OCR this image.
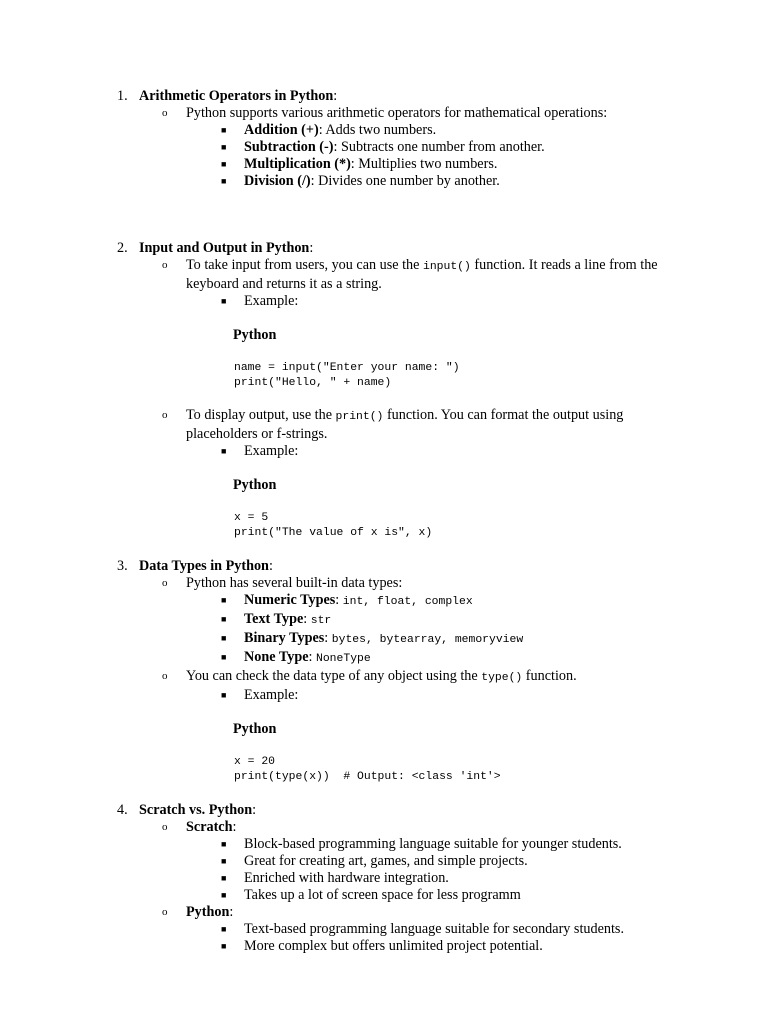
1. Arithmetic Operators in Python:
o Python supports various arithmetic operators for mathematical operations:
■ Addition (+): Adds two numbers.
■ Subtraction (-): Subtracts one number from another.
■ Multiplication (*): Multiplies two numbers.
■ Division (/): Divides one number by another.
2. Input and Output in Python:
o To take input from users, you can use the input() function. It reads a line from the keyboard and returns it as a string.
■ Example:
Python
name = input("Enter your name: ")
print("Hello, " + name)
o To display output, use the print() function. You can format the output using placeholders or f-strings.
■ Example:
Python
x = 5
print("The value of x is", x)
3. Data Types in Python:
o Python has several built-in data types:
■ Numeric Types: int, float, complex
■ Text Type: str
■ Binary Types: bytes, bytearray, memoryview
■ None Type: NoneType
o You can check the data type of any object using the type() function.
■ Example:
Python
x = 20
print(type(x))  # Output: <class 'int'>
4. Scratch vs. Python:
o Scratch:
■ Block-based programming language suitable for younger students.
■ Great for creating art, games, and simple projects.
■ Enriched with hardware integration.
■ Takes up a lot of screen space for less programm
o Python:
■ Text-based programming language suitable for secondary students.
■ More complex but offers unlimited project potential.
